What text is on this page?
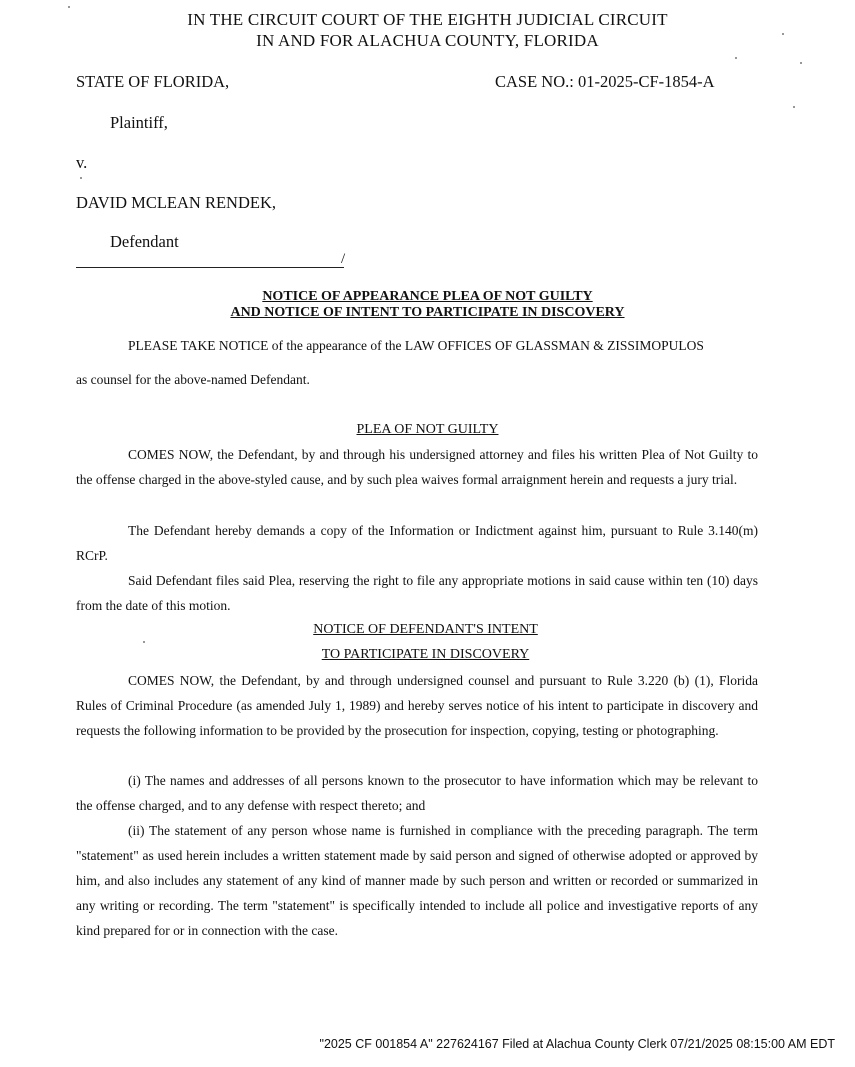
IN THE CIRCUIT COURT OF THE EIGHTH JUDICIAL CIRCUIT
IN AND FOR ALACHUA COUNTY, FLORIDA
STATE OF FLORIDA,	CASE NO.: 01-2025-CF-1854-A
Plaintiff,
v.
DAVID MCLEAN RENDEK,
Defendant
/
NOTICE OF APPEARANCE PLEA OF NOT GUILTY
AND NOTICE OF INTENT TO PARTICIPATE IN DISCOVERY
PLEASE TAKE NOTICE of the appearance of the LAW OFFICES OF GLASSMAN & ZISSIMOPULOS
as counsel for the above-named Defendant.
PLEA OF NOT GUILTY
COMES NOW, the Defendant, by and through his undersigned attorney and files his written Plea of Not Guilty to the offense charged in the above-styled cause, and by such plea waives formal arraignment herein and requests a jury trial.
The Defendant hereby demands a copy of the Information or Indictment against him, pursuant to Rule 3.140(m) RCrP.
Said Defendant files said Plea, reserving the right to file any appropriate motions in said cause within ten (10) days from the date of this motion.
NOTICE OF DEFENDANT'S INTENT
TO PARTICIPATE IN DISCOVERY
COMES NOW, the Defendant, by and through undersigned counsel and pursuant to Rule 3.220 (b) (1), Florida Rules of Criminal Procedure (as amended July 1, 1989) and hereby serves notice of his intent to participate in discovery and requests the following information to be provided by the prosecution for inspection, copying, testing or photographing.
(i) The names and addresses of all persons known to the prosecutor to have information which may be relevant to the offense charged, and to any defense with respect thereto; and
(ii) The statement of any person whose name is furnished in compliance with the preceding paragraph. The term "statement" as used herein includes a written statement made by said person and signed of otherwise adopted or approved by him, and also includes any statement of any kind of manner made by such person and written or recorded or summarized in any writing or recording. The term "statement" is specifically intended to include all police and investigative reports of any kind prepared for or in connection with the case.
"2025 CF 001854 A" 227624167 Filed at Alachua County Clerk 07/21/2025 08:15:00 AM EDT
